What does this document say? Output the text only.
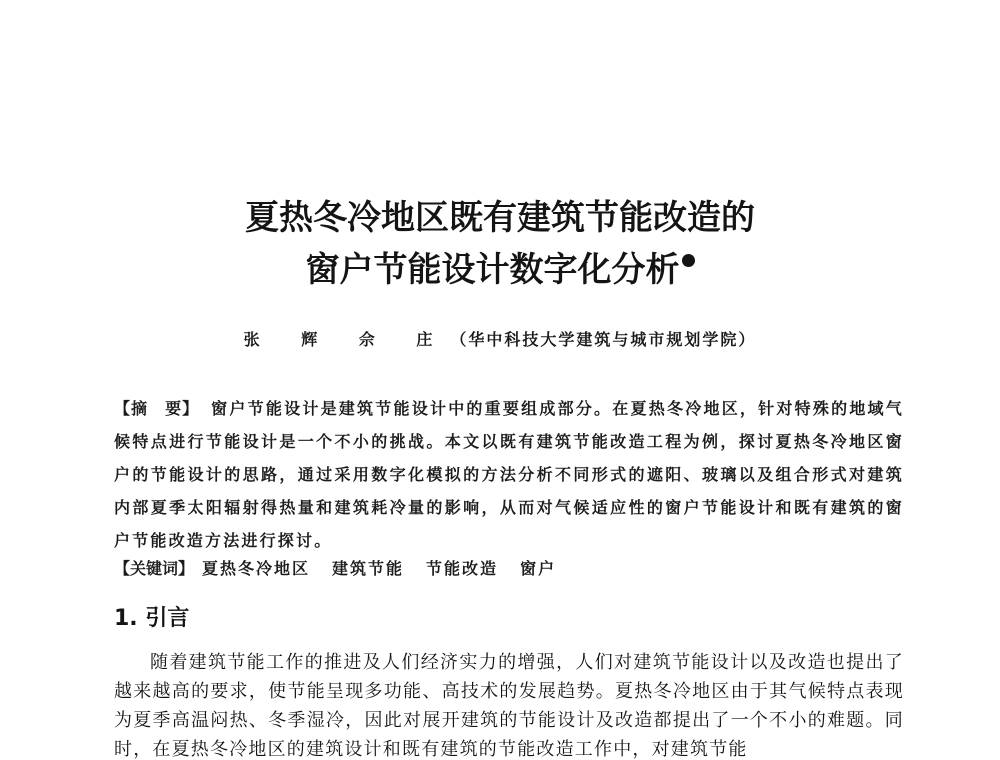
夏热冬冷地区既有建筑节能改造的
窗户节能设计数字化分析
张 辉 佘 庄（华中科技大学建筑与城市规划学院）
【摘　要】 窗户节能设计是建筑节能设计中的重要组成部分。在夏热冬冷地区，针对特殊的地域气候特点进行节能设计是一个不小的挑战。本文以既有建筑节能改造工程为例，探讨夏热冬冷地区窗户的节能设计的思路，通过采用数字化模拟的方法分析不同形式的遮阳、玻璃以及组合形式对建筑内部夏季太阳辐射得热量和建筑耗冷量的影响，从而对气候适应性的窗户节能设计和既有建筑的窗户节能改造方法进行探讨。
【关键词】 夏热冬冷地区 建筑节能 节能改造 窗户
1. 引言
随着建筑节能工作的推进及人们经济实力的增强，人们对建筑节能设计以及改造也提出了越来越高的要求，使节能呈现多功能、高技术的发展趋势。夏热冬冷地区由于其气候特点表现为夏季高温闷热、冬季湿冷，因此对展开建筑的节能设计及改造都提出了一个不小的难题。同时，在夏热冬冷地区的建筑设计和既有建筑的节能改造工作中，对建筑节能
